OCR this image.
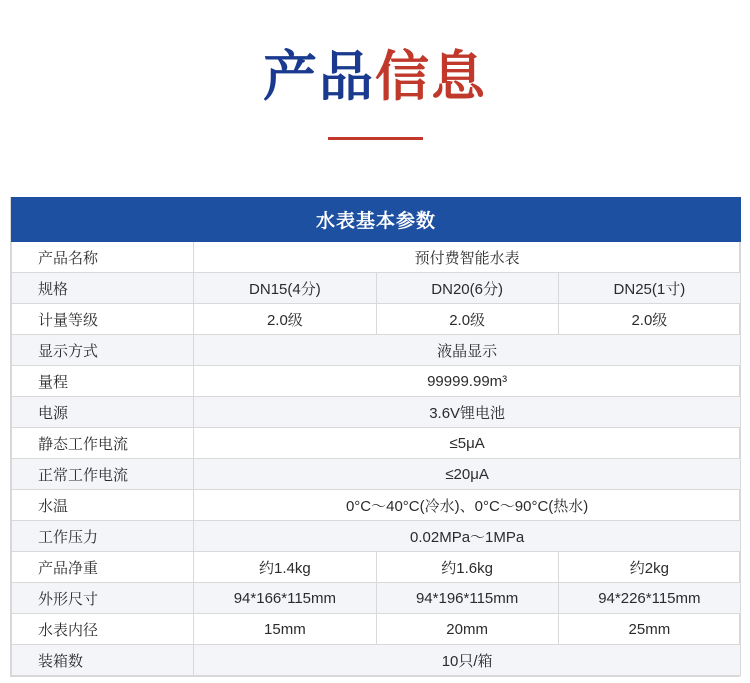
产品信息
水表基本参数			
产品名称	预付费智能水表		
规格	DN15(4分)	DN20(6分)	DN25(1寸)
计量等级	2.0级	2.0级	2.0级
显示方式	液晶显示		
量程	99999.99m³		
电源	3.6V锂电池		
静态工作电流	≤5μA		
正常工作电流	≤20μA		
水温	0°C～40°C(冷水)、0°C～90°C(热水)		
工作压力	0.02MPa～1MPa		
产品净重	约1.4kg	约1.6kg	约2kg
外形尺寸	94*166*115mm	94*196*115mm	94*226*115mm
水表内径	15mm	20mm	25mm
装箱数	10只/箱		
